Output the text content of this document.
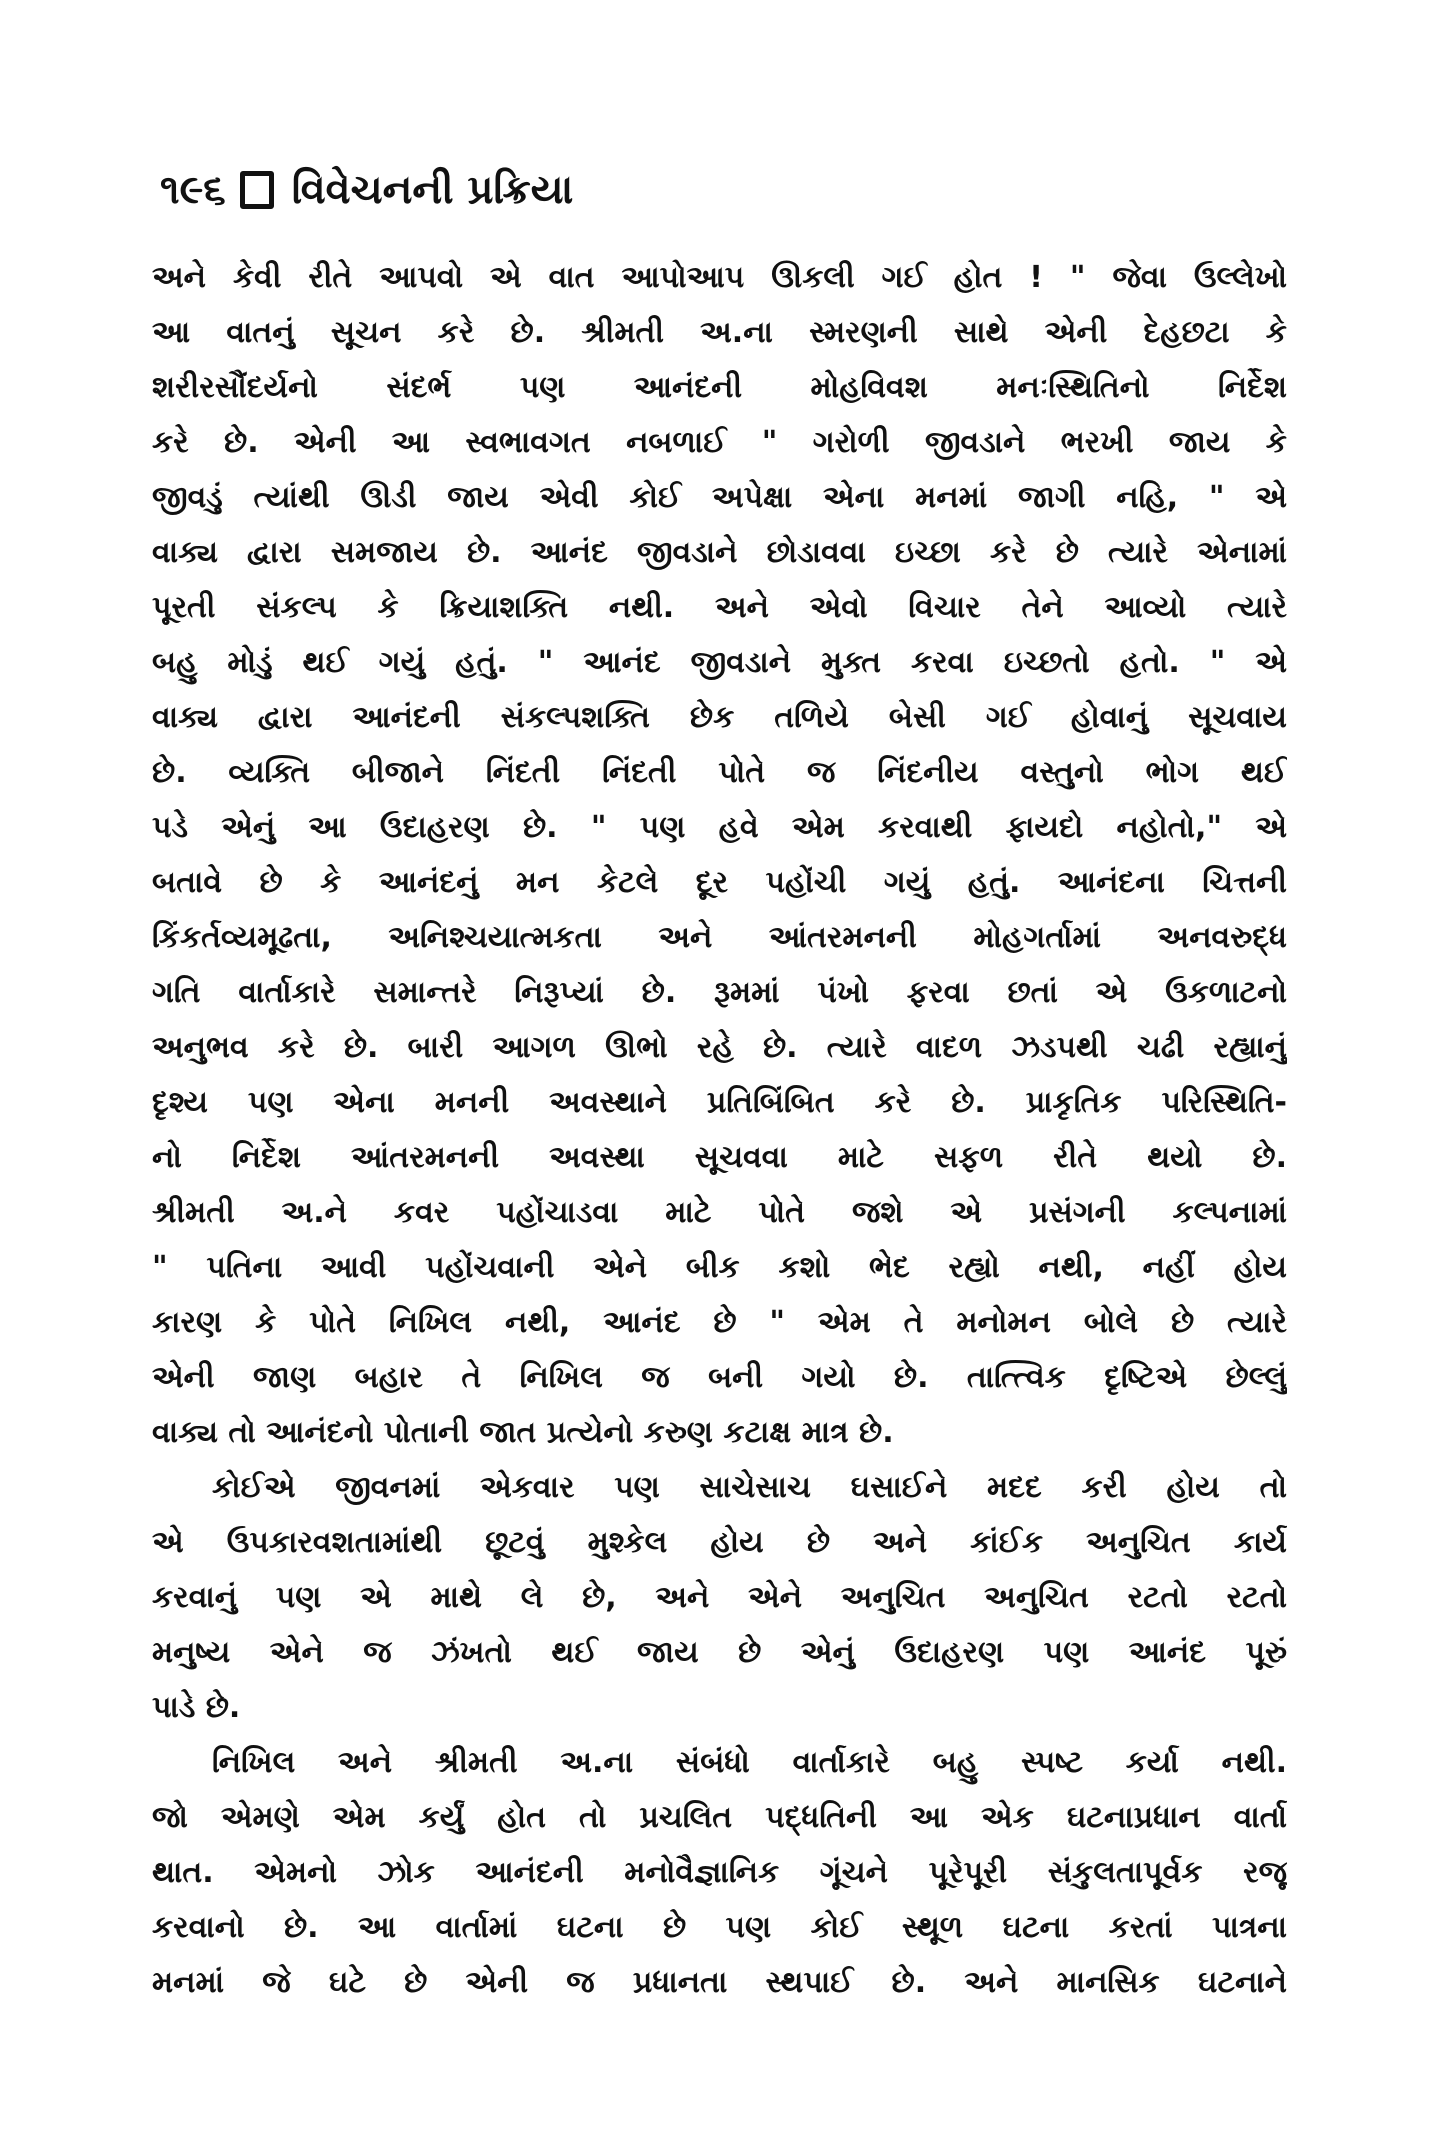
૧૯૬ વિવેચનની પ્રક્રિયા

અને કેવી રીતે આપવો એ વાત આપોઆપ ઊકલી ગઈ હોત ! " જેવા ઉલ્લેખો
આ વાતનું સૂચન કરે છે. શ્રીમતી અ.ના સ્મરણની સાથે એની દેહછટા કે
શરીરસૌંદર્યનો સંદર્ભ પણ આનંદની મોહવિવશ મનઃસ્થિતિનો નિર્દેશ
કરે છે. એની આ સ્વભાવગત નબળાઈ " ગરોળી જીવડાને ભરખી જાય કે
જીવડું ત્યાંથી ઊડી જાય એવી કોઈ અપેક્ષા એના મનમાં જાગી નહિ, " એ
વાક્ય દ્વારા સમજાય છે. આનંદ જીવડાને છોડાવવા ઇચ્છા કરે છે ત્યારે એનામાં
પૂરતી સંકલ્પ કે ક્રિયાશક્તિ નથી. અને એવો વિચાર તેને આવ્યો ત્યારે
બહુ મોડું થઈ ગયું હતું. " આનંદ જીવડાને મુક્ત કરવા ઇચ્છતો હતો. " એ
વાક્ય દ્વારા આનંદની સંકલ્પશક્તિ છેક તળિયે બેસી ગઈ હોવાનું સૂચવાય
છે. વ્યક્તિ બીજાને નિંદતી નિંદતી પોતે જ નિંદનીય વસ્તુનો ભોગ થઈ
પડે એનું આ ઉદાહરણ છે. " પણ હવે એમ કરવાથી ફાયદો નહોતો," એ
બતાવે છે કે આનંદનું મન કેટલે દૂર પહોંચી ગયું હતું. આનંદના ચિત્તની
કિંકર્તવ્યમૂઢતા, અનિશ્ચયાત્મકતા અને આંતરમનની મોહગર્તામાં અનવરુદ્ધ
ગતિ વાર્તાકારે સમાન્તરે નિરૂપ્યાં છે. રૂમમાં પંખો ફરવા છતાં એ ઉકળાટનો
અનુભવ કરે છે. બારી આગળ ઊભો રહે છે. ત્યારે વાદળ ઝડપથી ચઢી રહ્યાનું
દૃશ્ય પણ એના મનની અવસ્થાને પ્રતિબિંબિત કરે છે. પ્રાકૃતિક પરિસ્થિતિ-
નો નિર્દેશ આંતરમનની અવસ્થા સૂચવવા માટે સફળ રીતે થયો છે.
શ્રીમતી અ.ને કવર પહોંચાડવા માટે પોતે જશે એ પ્રસંગની કલ્પનામાં
" પતિના આવી પહોંચવાની એને બીક કશો ભેદ રહ્યો નથી, નહીં હોય
કારણ કે પોતે નિખિલ નથી, આનંદ છે " એમ તે મનોમન બોલે છે ત્યારે
એની જાણ બહાર તે નિખિલ જ બની ગયો છે. તાત્ત્વિક દૃષ્ટિએ છેલ્લું
વાક્ય તો આનંદનો પોતાની જાત પ્રત્યેનો કરુણ કટાક્ષ માત્ર છે.

કોઈએ જીવનમાં એકવાર પણ સાચેસાચ ઘસાઈને મદદ કરી હોય તો
એ ઉપકારવશતામાંથી છૂટવું મુશ્કેલ હોય છે અને કાંઈક અનુચિત કાર્ય
કરવાનું પણ એ માથે લે છે, અને એને અનુચિત અનુચિત રટતો રટતો
મનુષ્ય એને જ ઝંખતો થઈ જાય છે એનું ઉદાહરણ પણ આનંદ પૂરું
પાડે છે.

નિખિલ અને શ્રીમતી અ.ના સંબંધો વાર્તાકારે બહુ સ્પષ્ટ કર્યા નથી.
જો એમણે એમ કર્યું હોત તો પ્રચલિત પદ્ધતિની આ એક ઘટનાપ્રધાન વાર્તા
થાત. એમનો ઝોક આનંદની મનોવૈજ્ઞાનિક ગૂંચને પૂરેપૂરી સંકુલતાપૂર્વક રજૂ
કરવાનો છે. આ વાર્તામાં ઘટના છે પણ કોઈ સ્થૂળ ઘટના કરતાં પાત્રના
મનમાં જે ઘટે છે એની જ પ્રધાનતા સ્થપાઈ છે. અને માનસિક ઘટનાને
